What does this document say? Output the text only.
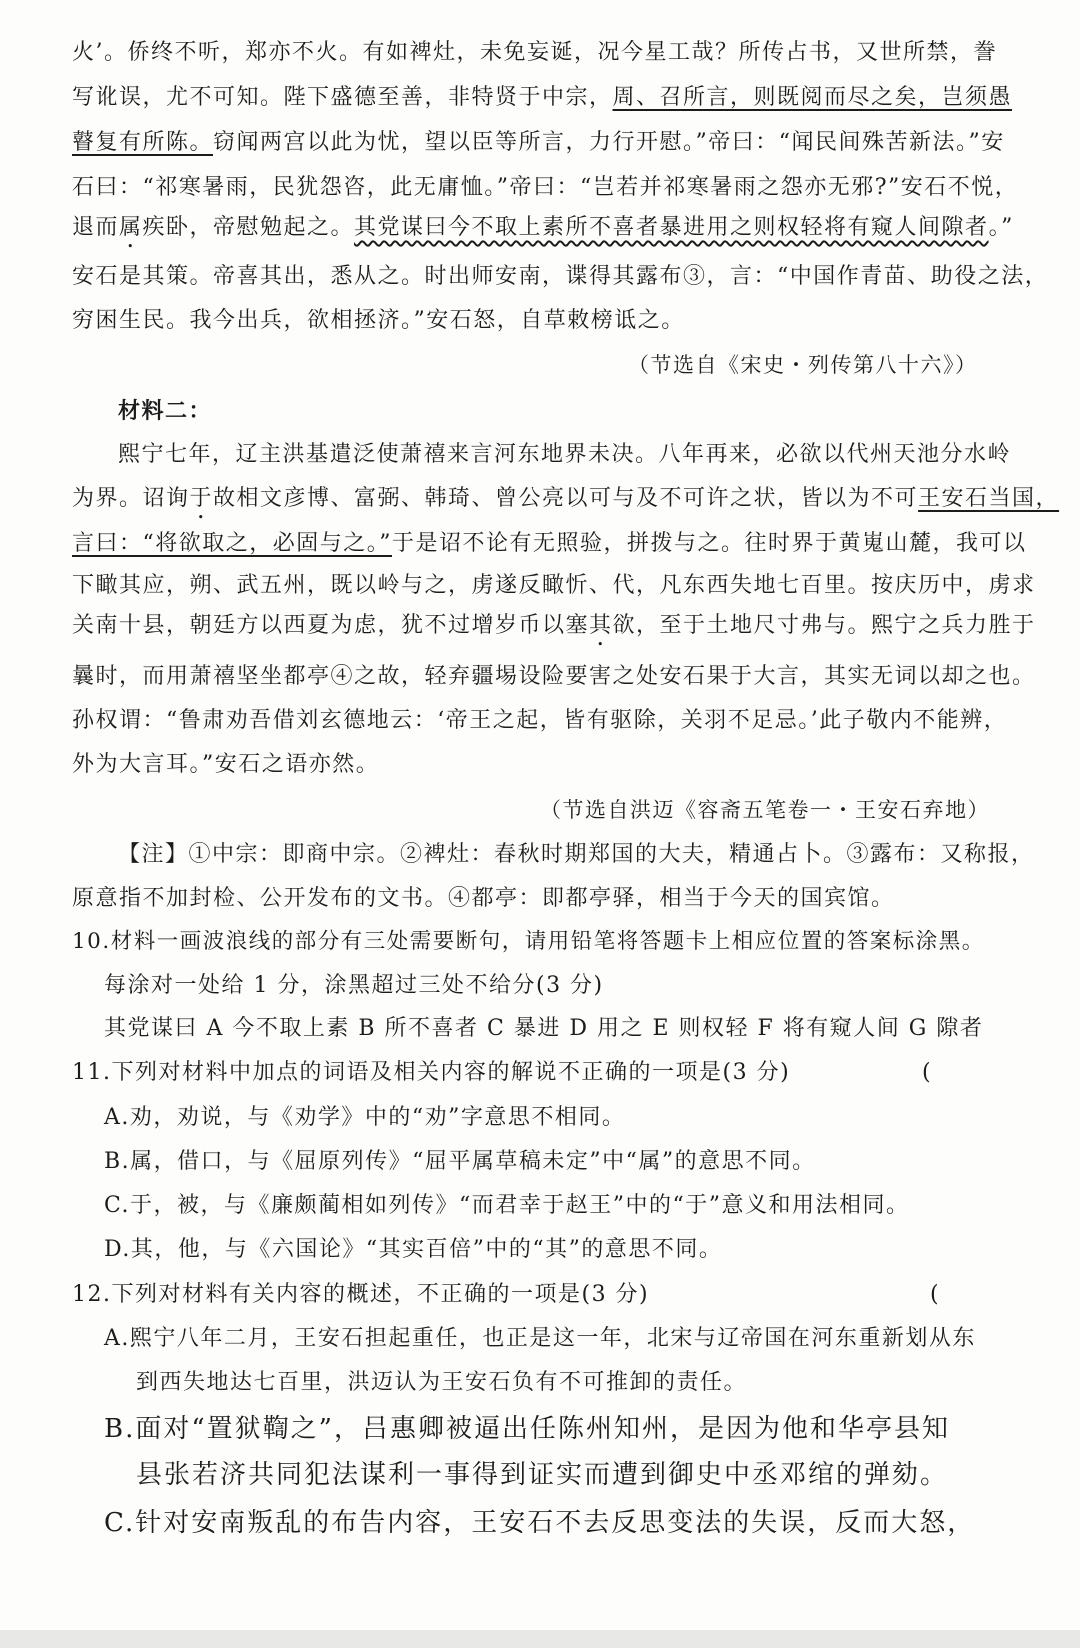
火’。侨终不听，郑亦不火。有如裨灶，未免妄诞，况今星工哉？所传占书，又世所禁，誊
写讹误，尤不可知。陛下盛德至善，非特贤于中宗，周、召所言，则既阅而尽之矣，岂须愚
瞽复有所陈。窃闻两宫以此为忧，望以臣等所言，力行开慰。”帝曰：“闻民间殊苦新法。”安
石曰：“祁寒暑雨，民犹怨咨，此无庸恤。”帝曰：“岂若并祁寒暑雨之怨亦无邪?”安石不悦，
退而属疾卧，帝慰勉起之。其党谋曰今不取上素所不喜者暴进用之则权轻将有窥人间隙者。”
安石是其策。帝喜其出，悉从之。时出师安南，谍得其露布③，言：“中国作青苗、助役之法，
穷困生民。我今出兵，欲相拯济。”安石怒，自草敕榜诋之。
（节选自《宋史・列传第八十六》）
材料二：
熙宁七年，辽主洪基遣泛使萧禧来言河东地界未决。八年再来，必欲以代州天池分水岭
为界。诏询于故相文彦博、富弼、韩琦、曾公亮以可与及不可许之状，皆以为不可王安石当国，
言曰：“将欲取之，必固与之。”于是诏不论有无照验，拼拨与之。往时界于黄嵬山麓，我可以
下瞰其应，朔、武五州，既以岭与之，虏遂反瞰忻、代，凡东西失地七百里。按庆历中，虏求
关南十县，朝廷方以西夏为虑，犹不过增岁币以塞其欲，至于土地尺寸弗与。熙宁之兵力胜于
曩时，而用萧禧坚坐都亭④之故，轻弃疆埸设险要害之处安石果于大言，其实无词以却之也。
孙权谓：“鲁肃劝吾借刘玄德地云：‘帝王之起，皆有驱除，关羽不足忌。’此子敬内不能辨，
外为大言耳。”安石之语亦然。
（节选自洪迈《容斋五笔卷一・王安石弃地）
【注】①中宗：即商中宗。②裨灶：春秋时期郑国的大夫，精通占卜。③露布：又称报，
原意指不加封检、公开发布的文书。④都亭：即都亭驿，相当于今天的国宾馆。
10.材料一画波浪线的部分有三处需要断句，请用铅笔将答题卡上相应位置的答案标涂黑。
每涂对一处给 1 分，涂黑超过三处不给分(3 分)
其党谋曰 A 今不取上素 B 所不喜者 C 暴进 D 用之 E 则权轻 F 将有窥人间 G 隙者
11.下列对材料中加点的词语及相关内容的解说不正确的一项是(3 分)	(
A.劝，劝说，与《劝学》中的“劝”字意思不相同。
B.属，借口，与《屈原列传》“屈平属草稿未定”中“属”的意思不同。
C.于，被，与《廉颇蔺相如列传》“而君幸于赵王”中的“于”意义和用法相同。
D.其，他，与《六国论》“其实百倍”中的“其”的意思不同。
12.下列对材料有关内容的概述，不正确的一项是(3 分)	(
A.熙宁八年二月，王安石担起重任，也正是这一年，北宋与辽帝国在河东重新划从东
到西失地达七百里，洪迈认为王安石负有不可推卸的责任。
B.面对“置狱鞫之”，吕惠卿被逼出任陈州知州，是因为他和华亭县知
县张若济共同犯法谋利一事得到证实而遭到御史中丞邓绾的弹劾。
C.针对安南叛乱的布告内容，王安石不去反思变法的失误，反而大怒，
